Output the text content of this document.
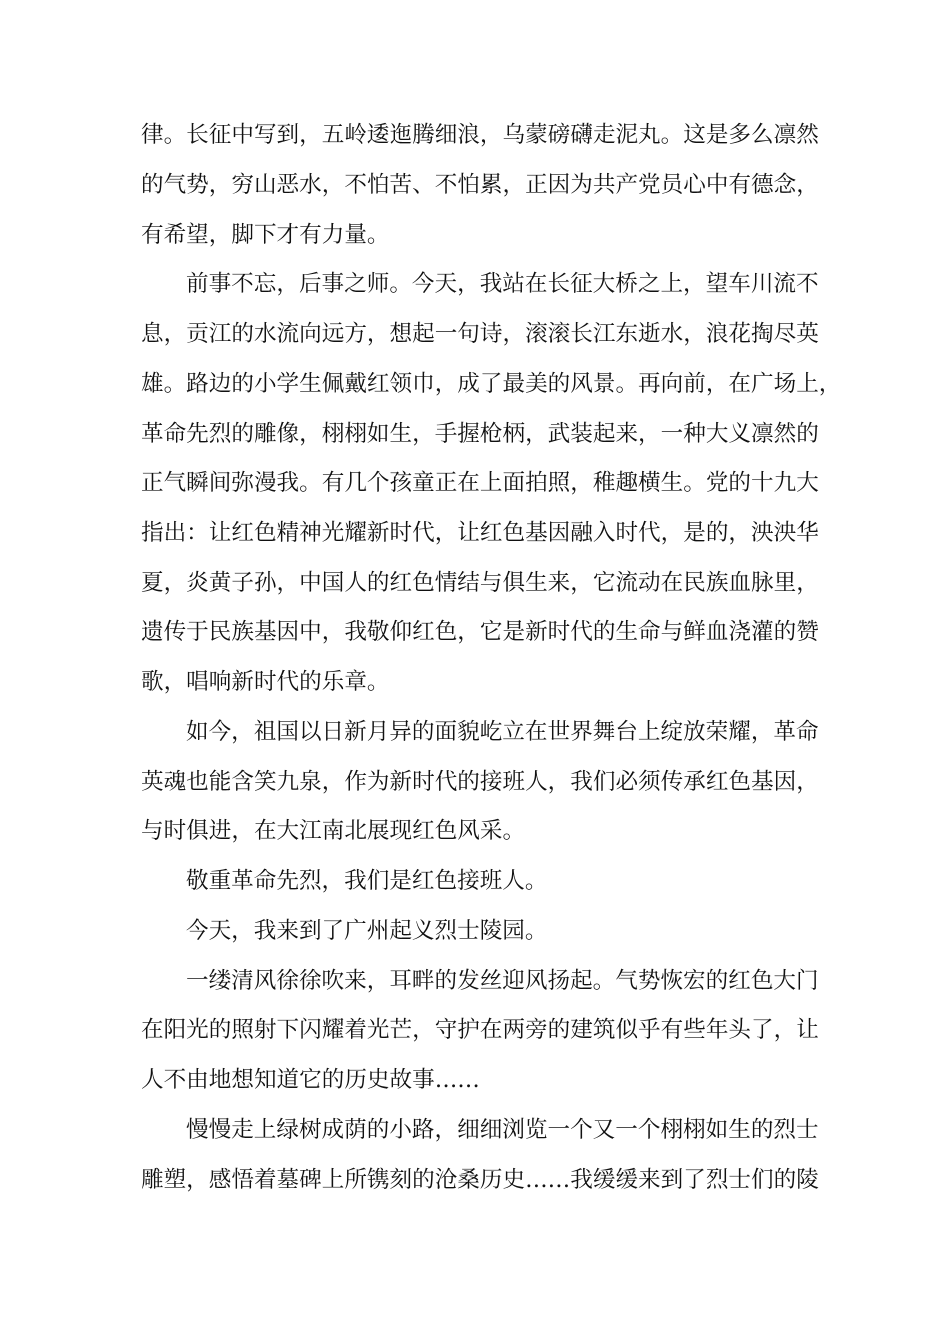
律。长征中写到，五岭逶迤腾细浪，乌蒙磅礴走泥丸。这是多么凛然

的气势，穷山恶水，不怕苦、不怕累，正因为共产党员心中有德念，

有希望，脚下才有力量。

前事不忘，后事之师。今天，我站在长征大桥之上，望车川流不

息，贡江的水流向远方，想起一句诗，滚滚长江东逝水，浪花掏尽英

雄。路边的小学生佩戴红领巾，成了最美的风景。再向前，在广场上，

革命先烈的雕像，栩栩如生，手握枪柄，武装起来，一种大义凛然的

正气瞬间弥漫我。有几个孩童正在上面拍照，稚趣横生。党的十九大

指出：让红色精神光耀新时代，让红色基因融入时代，是的，泱泱华

夏，炎黄子孙，中国人的红色情结与俱生来，它流动在民族血脉里，

遗传于民族基因中，我敬仰红色，它是新时代的生命与鲜血浇灌的赞

歌，唱响新时代的乐章。

如今，祖国以日新月异的面貌屹立在世界舞台上绽放荣耀，革命

英魂也能含笑九泉，作为新时代的接班人，我们必须传承红色基因，

与时俱进，在大江南北展现红色风采。

敬重革命先烈，我们是红色接班人。

今天，我来到了广州起义烈士陵园。

一缕清风徐徐吹来，耳畔的发丝迎风扬起。气势恢宏的红色大门

在阳光的照射下闪耀着光芒，守护在两旁的建筑似乎有些年头了，让

人不由地想知道它的历史故事……

慢慢走上绿树成荫的小路，细细浏览一个又一个栩栩如生的烈士

雕塑，感悟着墓碑上所镌刻的沧桑历史……我缓缓来到了烈士们的陵
